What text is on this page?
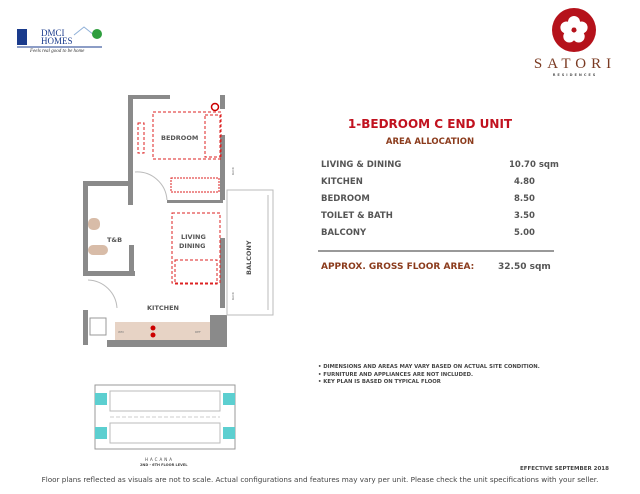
DMCI
HOMES
Feels real good to be home
SATORI
RESIDENCES
BEDROOM
T&B	LIVING
DINING
KITCHEN
BALCONY
RACK
RACK
WM	REF
HACANA
2ND - 6TH FLOOR LEVEL
1-BEDROOM C END UNIT
AREA ALLOCATION
LIVING & DINING	10.70 sqm
KITCHEN	4.80
BEDROOM	8.50
TOILET & BATH	3.50
BALCONY	5.00
APPROX. GROSS FLOOR AREA:	32.50 sqm
• DIMENSIONS AND AREAS MAY VARY BASED ON ACTUAL SITE CONDITION.
• FURNITURE AND APPLIANCES ARE NOT INCLUDED.
• KEY PLAN IS BASED ON TYPICAL FLOOR
EFFECTIVE SEPTEMBER 2018
Floor plans reflected as visuals are not to scale. Actual configurations and features may vary per unit. Please check the unit specifications with your seller.
